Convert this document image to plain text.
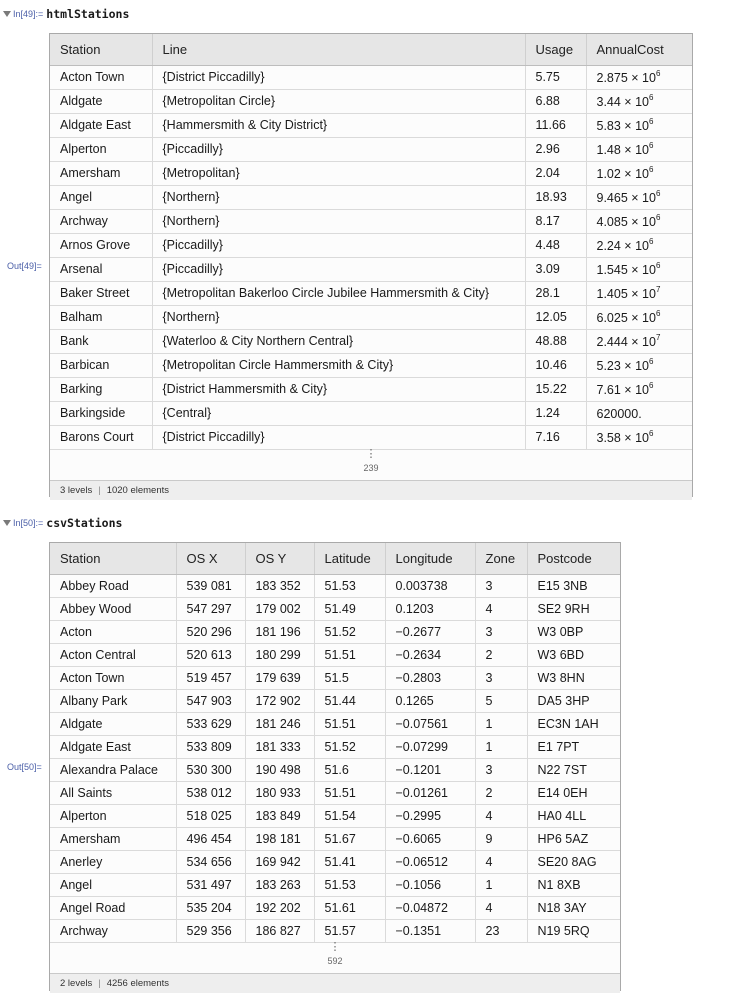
In[49]:= htmlStations
Out[49]=
Station	Line	Usage	AnnualCost
Acton Town	{District Piccadilly}	5.75	$2.875 \times 10^6$
Aldgate	{Metropolitan Circle}	6.88	$3.44 \times 10^6$
Aldgate East	{Hammersmith & City District}	11.66	$5.83 \times 10^6$
Alperton	{Piccadilly}	2.96	$1.48 \times 10^6$
Amersham	{Metropolitan}	2.04	$1.02 \times 10^6$
Angel	{Northern}	18.93	$9.465 \times 10^6$
Archway	{Northern}	8.17	$4.085 \times 10^6$
Arnos Grove	{Piccadilly}	4.48	$2.24 \times 10^6$
Arsenal	{Piccadilly}	3.09	$1.545 \times 10^6$
Baker Street	{Metropolitan Bakerloo Circle Jubilee Hammersmith & City}	28.1	$1.405 \times 10^7$
Balham	{Northern}	12.05	$6.025 \times 10^6$
Bank	{Waterloo & City Northern Central}	48.88	$2.444 \times 10^7$
Barbican	{Metropolitan Circle Hammersmith & City}	10.46	$5.23 \times 10^6$
Barking	{District Hammersmith & City}	15.22	$7.61 \times 10^6$
Barkingside	{Central}	1.24	620000.
Barons Court	{District Piccadilly}	7.16	$3.58 \times 10^6$
⋮
239
3 levels | 1020 elements
In[50]:= csvStations
Out[50]=
Station	OS X	OS Y	Latitude	Longitude	Zone	Postcode
Abbey Road	539 081	183 352	51.53	0.003738	3	E15 3NB
Abbey Wood	547 297	179 002	51.49	0.1203	4	SE2 9RH
Acton	520 296	181 196	51.52	−0.2677	3	W3 0BP
Acton Central	520 613	180 299	51.51	−0.2634	2	W3 6BD
Acton Town	519 457	179 639	51.5	−0.2803	3	W3 8HN
Albany Park	547 903	172 902	51.44	0.1265	5	DA5 3HP
Aldgate	533 629	181 246	51.51	−0.07561	1	EC3N 1AH
Aldgate East	533 809	181 333	51.52	−0.07299	1	E1 7PT
Alexandra Palace	530 300	190 498	51.6	−0.1201	3	N22 7ST
All Saints	538 012	180 933	51.51	−0.01261	2	E14 0EH
Alperton	518 025	183 849	51.54	−0.2995	4	HA0 4LL
Amersham	496 454	198 181	51.67	−0.6065	9	HP6 5AZ
Anerley	534 656	169 942	51.41	−0.06512	4	SE20 8AG
Angel	531 497	183 263	51.53	−0.1056	1	N1 8XB
Angel Road	535 204	192 202	51.61	−0.04872	4	N18 3AY
Archway	529 356	186 827	51.57	−0.1351	23	N19 5RQ
⋮
592
2 levels | 4256 elements
